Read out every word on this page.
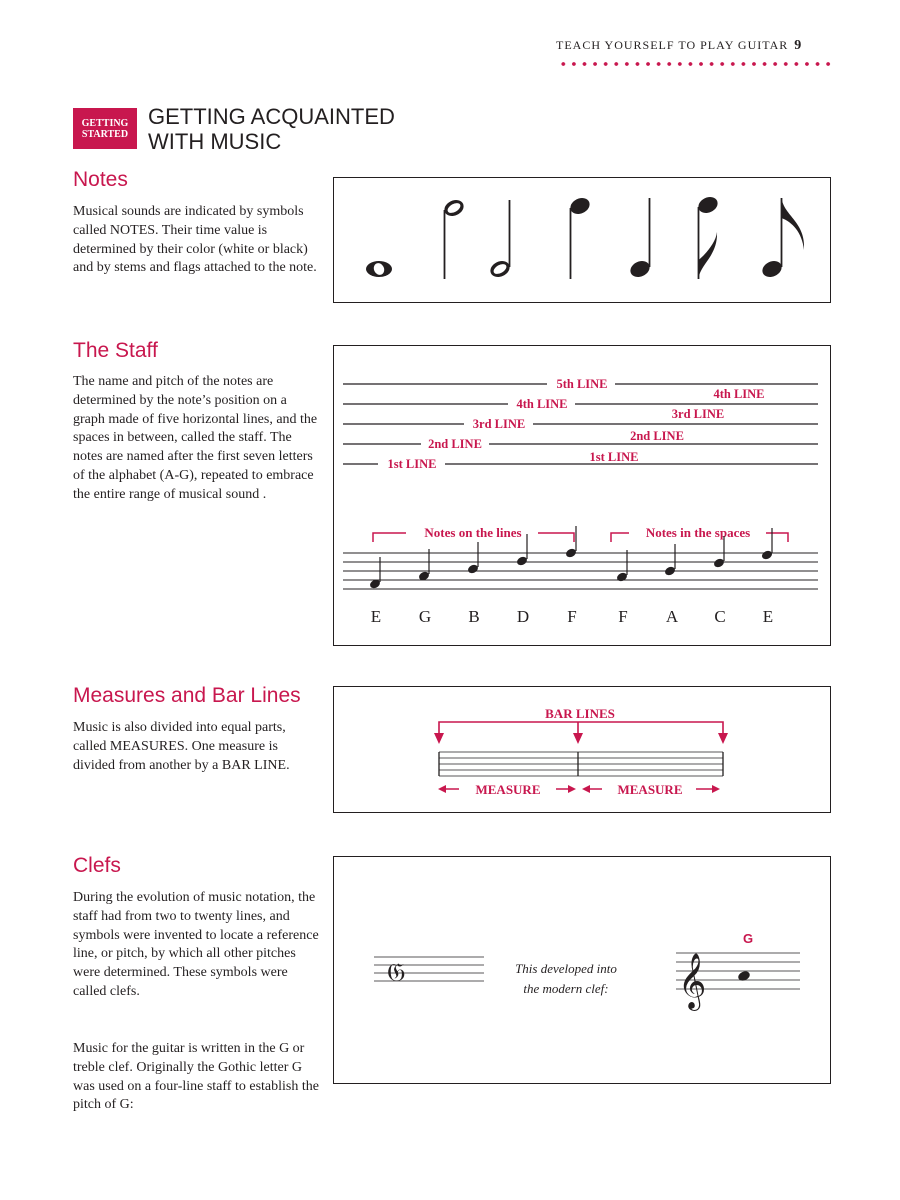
TEACH YOURSELF TO PLAY GUITAR 9
GETTING
STARTED
GETTING ACQUAINTED
WITH MUSIC
Notes

Musical sounds are indicated by symbols called NOTES. Their time value is determined by their color (white or black) and by stems and flags attached to the note.

The Staff

The name and pitch of the notes are determined by the note’s position on a graph made of five horizontal lines, and the spaces in between, called the staff. The notes are named after the first seven letters of the alphabet (A-G), repeated to embrace the entire range of musical sound .

5th LINE
4th LINE
3rd LINE
2nd LINE
1st LINE
4th LINE
3rd LINE
2nd LINE
1st LINE
Notes on the lines	Notes in the spaces
E G B D F F A C E
Measures and Bar Lines

Music is also divided into equal parts, called MEASURES. One measure is divided from another by a BAR LINE.

BAR LINES
MEASURE	MEASURE
Clefs

During the evolution of music notation, the staff had from two to twenty lines, and symbols were invented to locate a reference line, or pitch, by which all other pitches were determined. These symbols were called clefs.

Music for the guitar is written in the G or treble clef. Originally the Gothic letter G was used on a four-line staff to establish the pitch of G:

𝔊	This developed into
the modern clef:
G
𝄞
